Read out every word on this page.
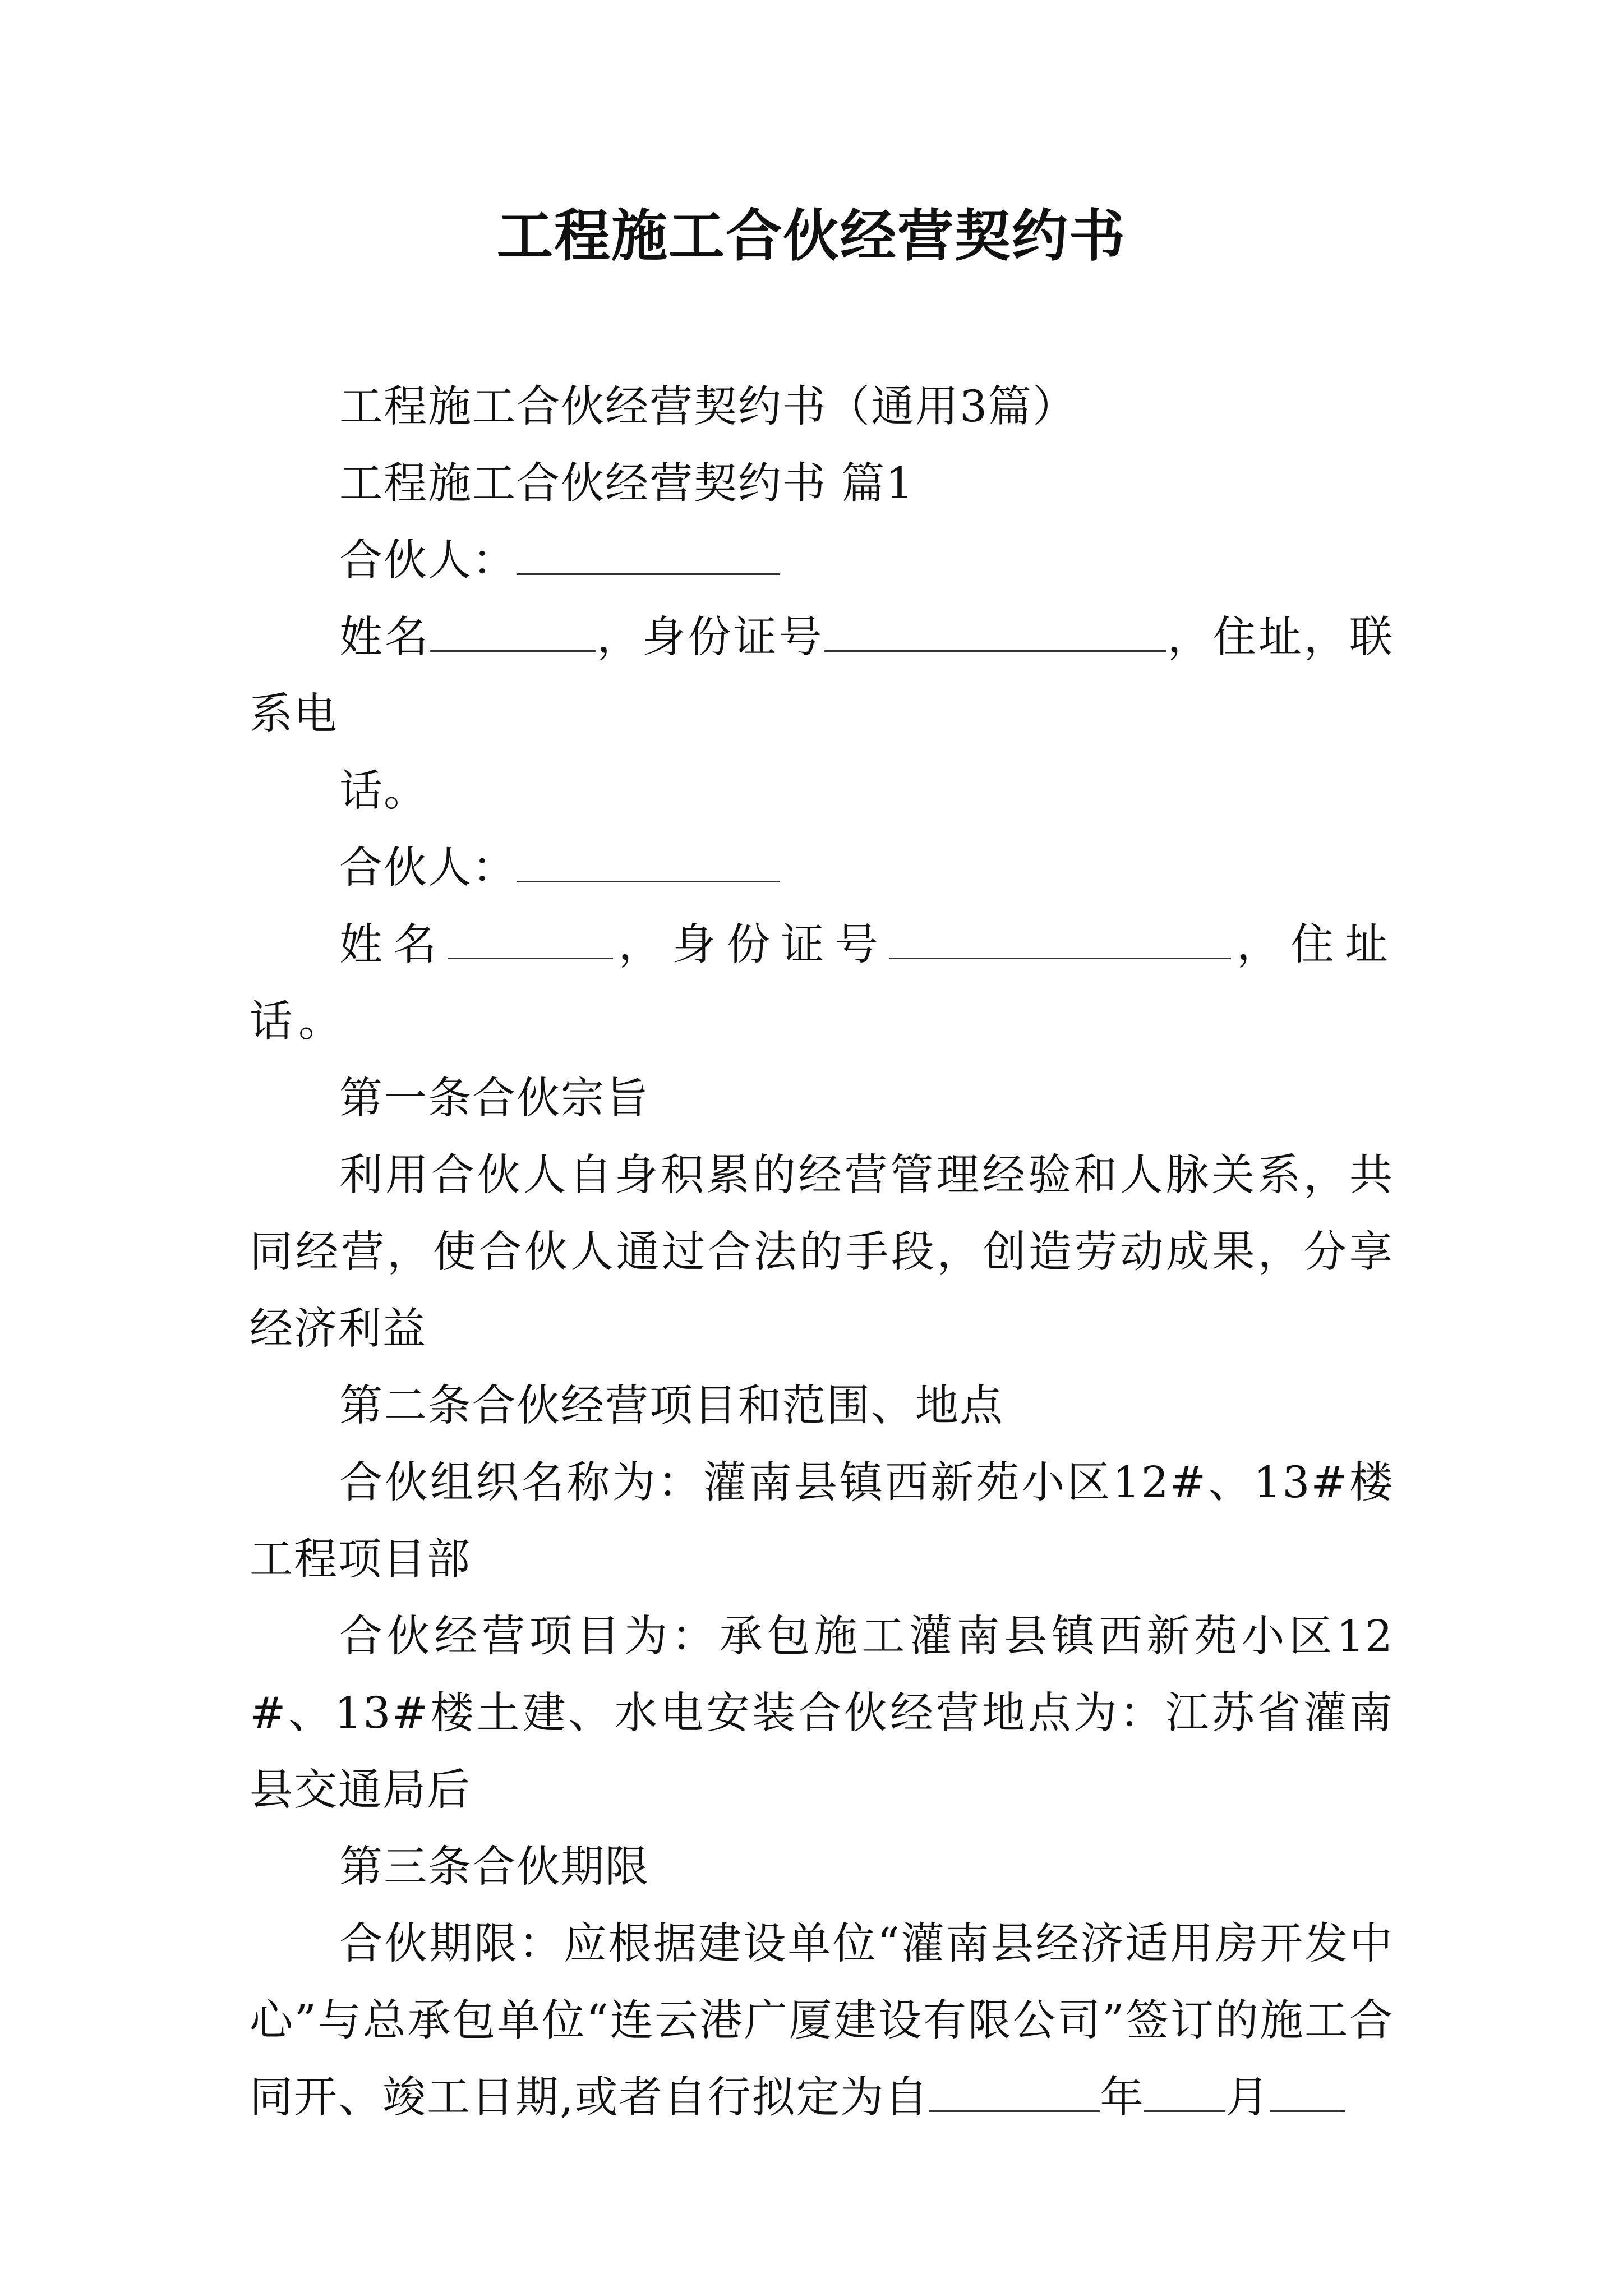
工程施工合伙经营契约书

工程施工合伙经营契约书（通用3篇）

工程施工合伙经营契约书 篇1

合伙人：

姓名	，身份证号	，住址，联系电

话。

合伙人：

姓名	，身份证号	，住址话。

第一条合伙宗旨

利用合伙人自身积累的经营管理经验和人脉关系，共同经营，使合伙人通过合法的手段，创造劳动成果，分享经济利益

第二条合伙经营项目和范围、地点

合伙组织名称为：灌南县镇西新苑小区12#、13#楼工程项目部

合伙经营项目为：承包施工灌南县镇西新苑小区12#、13#楼土建、水电安装合伙经营地点为：江苏省灌南县交通局后

第三条合伙期限

合伙期限：应根据建设单位“灌南县经济适用房开发中心”与总承包单位“连云港广厦建设有限公司”签订的施工合同开、竣工日期,或者自行拟定为自	年 月
